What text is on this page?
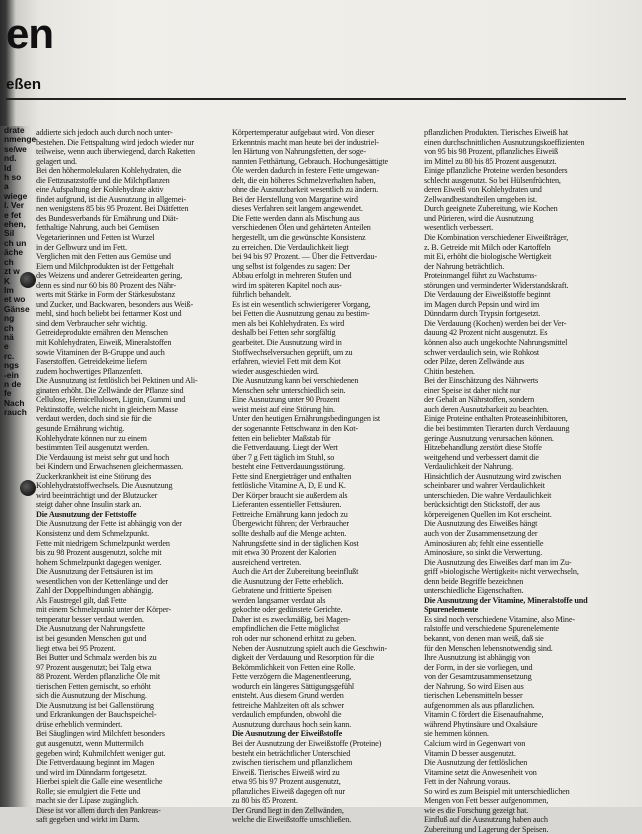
en
eßen
drate
nmenge
se/we
nd.
ld
h so
a
wiege
l. Ver
e fet
ehen,
Sil
ch un
äche
ch
zt w
K
lm
et wo
Gänse
ng
ch
nä
e
rc.
ngs
-ein
n de
fe
Nach
rauch
addierte sich jedoch auch durch noch unter-
bestehen. Die Fettspaltung wird jedoch wieder nur
teilweise, wenn auch überwiegend, darch Raketten
gelagert und.
Bei den höhermolekularen Kohlehydraten, die
die Fettzusatzstoffe und die Milchpflanzen
eine Aufspaltung der Kohlehydrate aktiv
findet aufgrund, ist die Ausnutzung in allgemei-
nen wenigstens 85 bis 95 Prozent. Bei Diätfetten
des Bundesverbands für Ernährung und Diät-
fetthaltige Nahrung, auch bei Gemüsen
Vegetarierinnen und Fetten ist Wurzel
in der Gelbwurz und im Fett.
Verglichen mit den Fetten aus Gemüse und
Eiern und Milchprodukten ist der Fettgehalt
des Weizens und anderer Getreidearten gering,
denn es sind nur 60 bis 80 Prozent des Nähr-
werts mit Stärke in Form der Stärkesubstanz
und Zucker, und Backwaren, besonders aus Weiß-
mehl, sind hoch beliebt bei fettarmer Kost und
sind dem Verbraucher sehr wichtig.
Getreideprodukte ernähren den Menschen
mit Kohlehydraten, Eiweiß, Mineralstoffen
sowie Vitaminen der B-Gruppe und auch
Faserstoffen. Getreidekeime liefern
zudem hochwertiges Pflanzenfett.
Die Ausnutzung ist fettlöslich bei Pektinen und Ali-
ginaten erhöht. Die Zellwände der Pflanze sind
Cellulose, Hemicellulosen, Lignin, Gummi und
Pektinstoffe, welche nicht in gleichem Masse
verdaut werden, doch sind sie für die
gesunde Ernährung wichtig.
Kohlehydrate können nur zu einem
bestimmten Teil ausgenutzt werden.
Die Verdauung ist meist sehr gut und hoch
bei Kindern und Erwachsenen gleichermassen.
Zuckerkrankheit ist eine Störung des
Kohlehydratstoffwechsels. Die Ausnutzung
wird beeinträchtigt und der Blutzucker
steigt daher ohne Insulin stark an.
Die Ausnutzung der Fettstoffe
Die Ausnutzung der Fette ist abhängig von der
Konsistenz und dem Schmelzpunkt.
Fette mit niedrigem Schmelzpunkt werden
bis zu 98 Prozent ausgenutzt, solche mit
hohem Schmelzpunkt dagegen weniger.
Die Ausnutzung der Fettsäuren ist im
wesentlichen von der Kettenlänge und der
Zahl der Doppelbindungen abhängig.
Als Faustregel gilt, daß Fette
mit einem Schmelzpunkt unter der Körper-
temperatur besser verdaut werden.
Die Ausnutzung der Nahrungsfette
ist bei gesunden Menschen gut und
liegt etwa bei 95 Prozent.
Bei Butter und Schmalz werden bis zu
97 Prozent ausgenutzt; bei Talg etwa
88 Prozent. Werden pflanzliche Öle mit
tierischen Fetten gemischt, so erhöht
sich die Ausnutzung der Mischung.
Die Ausnutzung ist bei Gallenstörung
und Erkrankungen der Bauchspeichel-
drüse erheblich vermindert.
Bei Säuglingen wird Milchfett besonders
gut ausgenutzt, wenn Muttermilch
gegeben wird; Kuhmilchfett weniger gut.
Die Fettverdauung beginnt im Magen
und wird im Dünndarm fortgesetzt.
Hierbei spielt die Galle eine wesentliche
Rolle; sie emulgiert die Fette und
macht sie der Lipase zugänglich.
Diese ist vor allem durch den Pankreas-
saft gegeben und wirkt im Darm.
Körpertemperatur aufgebaut wird. Von dieser
Erkenntnis macht man heute bei der industriel-
len Härtung von Nahrungsfetten, der soge-
nannten Fetthärtung, Gebrauch. Hochungesättigte
Öle werden dadurch in festere Fette umgewan-
delt, die ein höheres Schmelzverhalten haben,
ohne die Ausnutzbarkeit wesentlich zu ändern.
Bei der Herstellung von Margarine wird
dieses Verfahren seit langem angewendet.
Die Fette werden dann als Mischung aus
verschiedenen Ölen und gehärteten Anteilen
hergestellt, um die gewünschte Konsistenz
zu erreichen. Die Verdaulichkeit liegt
bei 94 bis 97 Prozent. — Über die Fettverdau-
ung selbst ist folgendes zu sagen: Der
Abbau erfolgt in mehreren Stufen und
wird im späteren Kapitel noch aus-
führlich behandelt.
Es ist ein wesentlich schwierigerer Vorgang,
bei Fetten die Ausnutzung genau zu bestim-
men als bei Kohlehydraten. Es wird
deshalb bei Fetten sehr sorgfältig
gearbeitet. Die Ausnutzung wird in
Stoffwechselversuchen geprüft, um zu
erfahren, wieviel Fett mit dem Kot
wieder ausgeschieden wird.
Die Ausnutzung kann bei verschiedenen
Menschen sehr unterschiedlich sein.
Eine Ausnutzung unter 90 Prozent
weist meist auf eine Störung hin.
Unter den heutigen Ernährungsbedingungen ist
der sogenannte Fettschwanz in den Kot-
fetten ein beliebter Maßstab für
die Fettverdauung. Liegt der Wert
über 7 g Fett täglich im Stuhl, so
besteht eine Fettverdauungsstörung.
Fette sind Energieträger und enthalten
fettlösliche Vitamine A, D, E und K.
Der Körper braucht sie außerdem als
Lieferanten essentieller Fettsäuren.
Fettreiche Ernährung kann jedoch zu
Übergewicht führen; der Verbraucher
sollte deshalb auf die Menge achten.
Nahrungsfette sind in der täglichen Kost
mit etwa 30 Prozent der Kalorien
ausreichend vertreten.
Auch die Art der Zubereitung beeinflußt
die Ausnutzung der Fette erheblich.
Gebratene und frittierte Speisen
werden langsamer verdaut als
gekochte oder gedünstete Gerichte.
Daher ist es zweckmäßig, bei Magen-
empfindlichen die Fette möglichst
roh oder nur schonend erhitzt zu geben.
Neben der Ausnutzung spielt auch die Geschwin-
digkeit der Verdauung und Resorption für die
Bekömmlichkeit von Fetten eine Rolle.
Fette verzögern die Magenentleerung,
wodurch ein längeres Sättigungsgefühl
entsteht. Aus diesem Grund werden
fettreiche Mahlzeiten oft als schwer
verdaulich empfunden, obwohl die
Ausnutzung durchaus hoch sein kann.
Die Ausnutzung der Eiweißstoffe
Bei der Ausnutzung der Eiweißstoffe (Proteine)
besteht ein beträchtlicher Unterschied
zwischen tierischem und pflanzlichem
Eiweiß. Tierisches Eiweiß wird zu
etwa 95 bis 97 Prozent ausgenutzt,
pflanzliches Eiweiß dagegen oft nur
zu 80 bis 85 Prozent.
Der Grund liegt in den Zellwänden,
welche die Eiweißstoffe umschließen.
pflanzlichen Produkten. Tierisches Eiweiß hat
einen durchschnittlichen Ausnutzungskoeffizienten
von 95 bis 98 Prozent, pflanzliches Eiweiß
im Mittel zu 80 bis 85 Prozent ausgenutzt.
Einige pflanzliche Proteine werden besonders
schlecht ausgenutzt. So bei Hülsenfrüchten,
deren Eiweiß von Kohlehydraten und
Zellwandbestandteilen umgeben ist.
Durch geeignete Zubereitung, wie Kochen
und Pürieren, wird die Ausnutzung
wesentlich verbessert.
Die Kombination verschiedener Eiweißträger,
z. B. Getreide mit Milch oder Kartoffeln
mit Ei, erhöht die biologische Wertigkeit
der Nahrung beträchtlich.
Proteinmangel führt zu Wachstums-
störungen und verminderter Widerstandskraft.
Die Verdauung der Eiweißstoffe beginnt
im Magen durch Pepsin und wird im
Dünndarm durch Trypsin fortgesetzt.
Die Verdauung (Kochen) werden bei der Ver-
dauung 42 Prozent nicht ausgenutzt. Es
können also auch ungekochte Nahrungsmittel
schwer verdaulich sein, wie Rohkost
oder Pilze, deren Zellwände aus
Chitin bestehen.
Bei der Einschätzung des Nährwerts
einer Speise ist daher nicht nur
der Gehalt an Nährstoffen, sondern
auch deren Ausnutzbarkeit zu beachten.
Einige Proteine enthalten Proteaseinhibitoren,
die bei bestimmten Tierarten durch Verdauung
geringe Ausnutzung verursachen können.
Hitzebehandlung zerstört diese Stoffe
weitgehend und verbessert damit die
Verdaulichkeit der Nahrung.
Hinsichtlich der Ausnutzung wird zwischen
scheinbarer und wahrer Verdaulichkeit
unterschieden. Die wahre Verdaulichkeit
berücksichtigt den Stickstoff, der aus
körpereigenen Quellen im Kot erscheint.
Die Ausnutzung des Eiweißes hängt
auch von der Zusammensetzung der
Aminosäuren ab; fehlt eine essentielle
Aminosäure, so sinkt die Verwertung.
Die Ausnutzung des Eiweißes darf man im Zu-
griff »biologische Wertigkeit« nicht verwechseln,
denn beide Begriffe bezeichnen
unterschiedliche Eigenschaften.
Die Ausnutzung der Vitamine, Mineralstoffe und
Spurenelemente
Es sind noch verschiedene Vitamine, also Mine-
ralstoffe und verschiedene Spurenelemente
bekannt, von denen man weiß, daß sie
für den Menschen lebensnotwendig sind.
Ihre Ausnutzung ist abhängig von
der Form, in der sie vorliegen, und
von der Gesamtzusammensetzung
der Nahrung. So wird Eisen aus
tierischen Lebensmitteln besser
aufgenommen als aus pflanzlichen.
Vitamin C fördert die Eisenaufnahme,
während Phytinsäure und Oxalsäure
sie hemmen können.
Calcium wird in Gegenwart von
Vitamin D besser ausgenutzt.
Die Ausnutzung der fettlöslichen
Vitamine setzt die Anwesenheit von
Fett in der Nahrung voraus.
So wird es zum Beispiel mit unterschiedlichen
Mengen von Fett besser aufgenommen,
wie es die Forschung gezeigt hat.
Einfluß auf die Ausnutzung haben auch
Zubereitung und Lagerung der Speisen.
